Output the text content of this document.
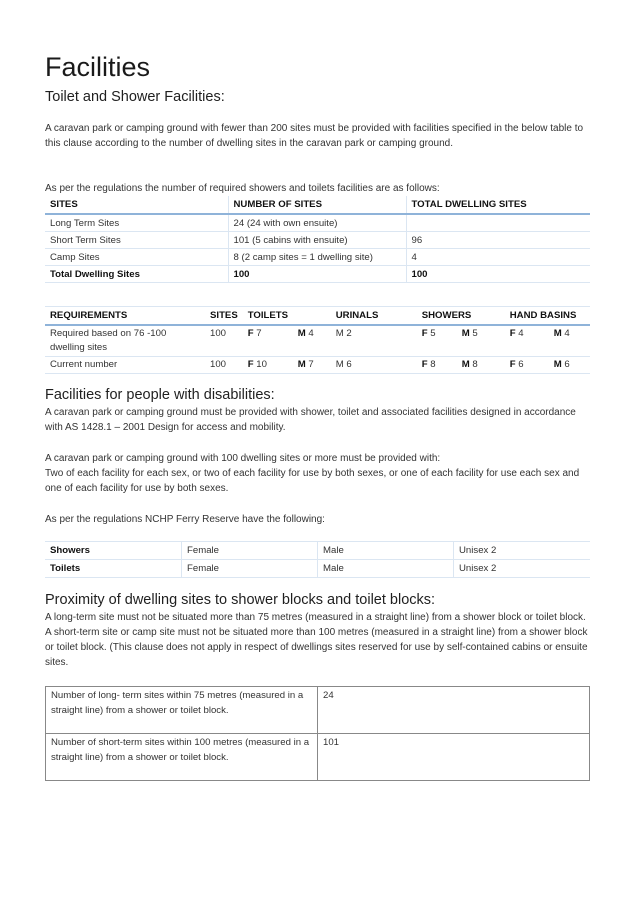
Facilities
Toilet and Shower Facilities:

A caravan park or camping ground with fewer than 200 sites must be provided with facilities specified in the below table to this clause according to the number of dwelling sites in the caravan park or camping ground.

As per the regulations the number of required showers and toilets facilities are as follows:

SITES	NUMBER OF SITES	TOTAL DWELLING SITES
Long Term Sites	24 (24 with own ensuite)	
Short Term Sites	101 (5 cabins with ensuite)	96
Camp Sites	8 (2 camp sites = 1 dwelling site)	4
Total Dwelling Sites	100	100
REQUIREMENTS	SITES	TOILETS		URINALS	SHOWERS		HAND BASINS	
Required based on 76 -100 dwelling sites	100	F 7	M 4	M 2	F 5	M 5	F 4	M 4
Current number	100	F 10	M 7	M 6	F 8	M 8	F 6	M 6
Facilities for people with disabilities:

A caravan park or camping ground must be provided with shower, toilet and associated facilities designed in accordance with AS 1428.1 – 2001 Design for access and mobility.

A caravan park or camping ground with 100 dwelling sites or more must be provided with:

Two of each facility for each sex, or two of each facility for use by both sexes, or one of each facility for use each sex and one of each facility for use by both sexes.

As per the regulations NCHP Ferry Reserve have the following:

Showers	Female	Male	Unisex 2
Toilets	Female	Male	Unisex 2
Proximity of dwelling sites to shower blocks and toilet blocks:

A long-term site must not be situated more than 75 metres (measured in a straight line) from a shower block or toilet block. A short-term site or camp site must not be situated more than 100 metres (measured in a straight line) from a shower block or toilet block. (This clause does not apply in respect of dwellings sites reserved for use by self-contained cabins or ensuite sites.

Number of long- term sites within 75 metres (measured in a straight line) from a shower or toilet block.	24
Number of short-term sites within 100 metres (measured in a straight line) from a shower or toilet block.	101
